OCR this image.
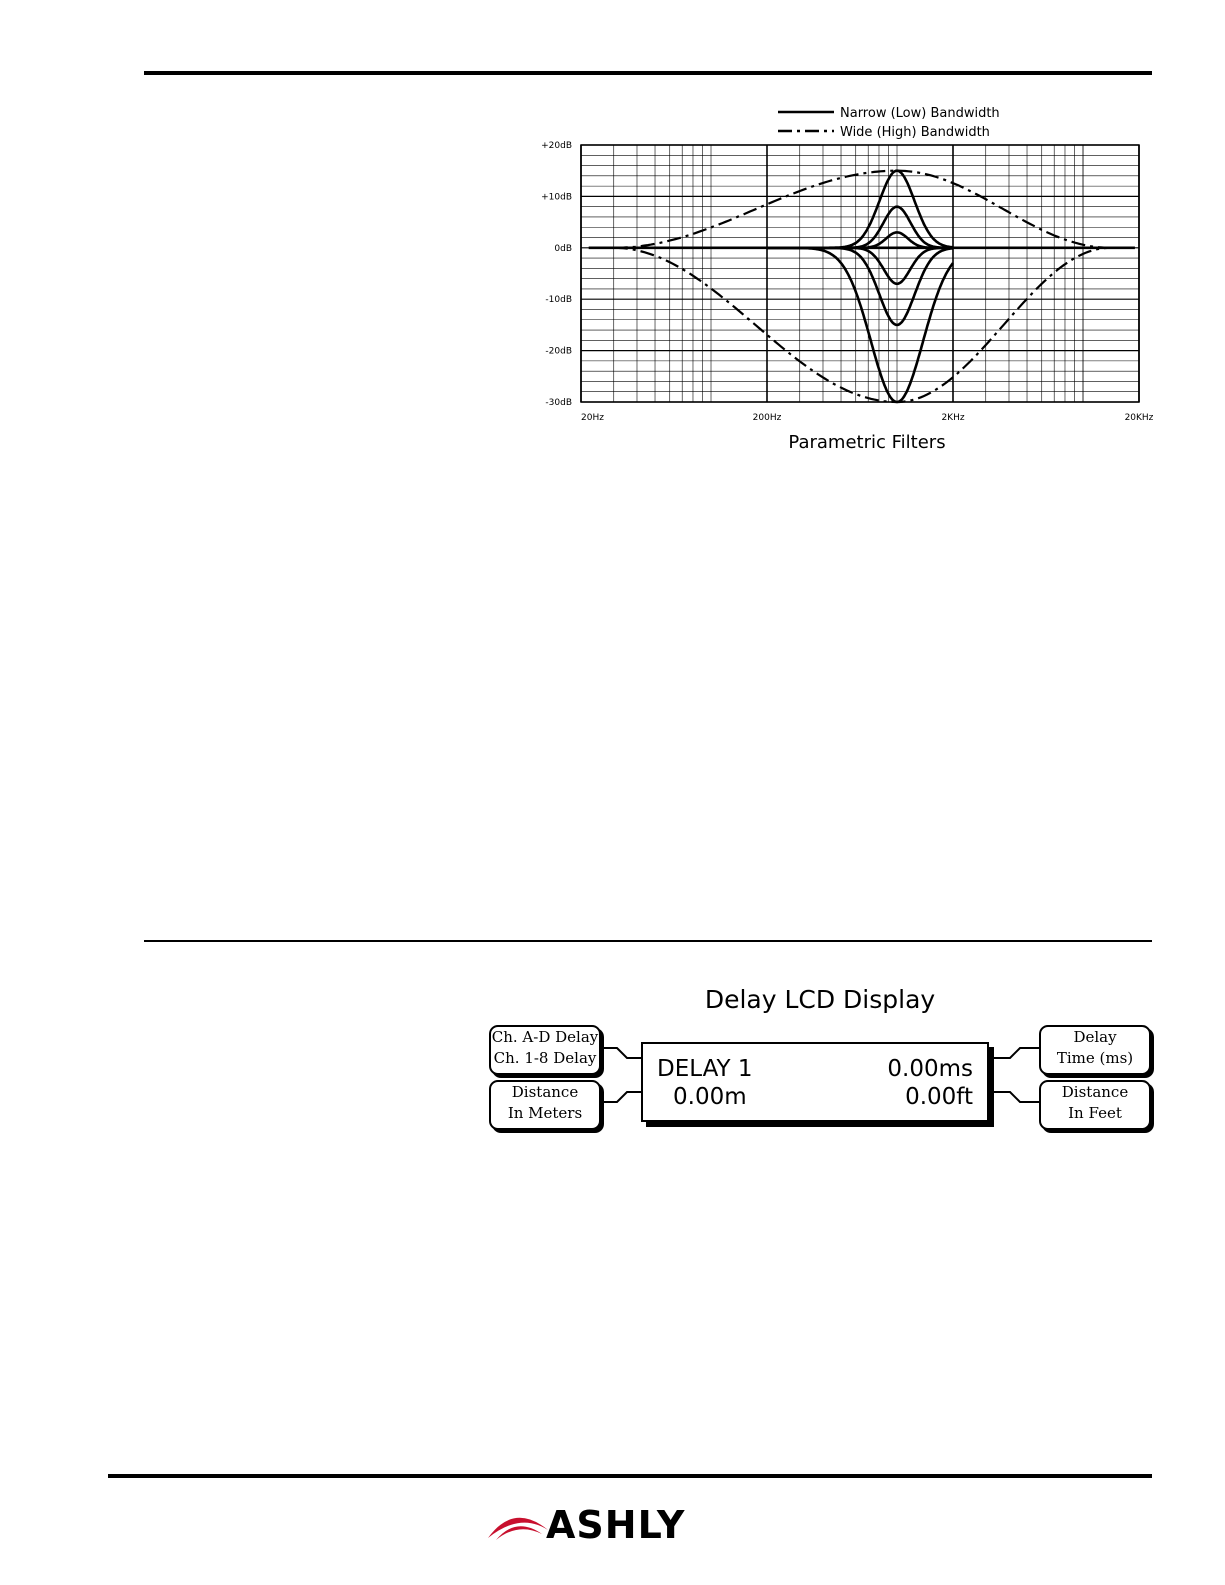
+20dB
+10dB
0dB
-10dB
-20dB
-30dB
20Hz	200Hz	2KHz	20KHz
Narrow (Low) Bandwidth
Wide (High) Bandwidth
Parametric Filters
Delay LCD Display
Ch. A-D Delay
Ch. 1-8 Delay
Distance
In Meters
Delay
Time (ms)
Distance
In Feet
DELAY 1	0.00ms
0.00m	0.00ft
ASHLY
